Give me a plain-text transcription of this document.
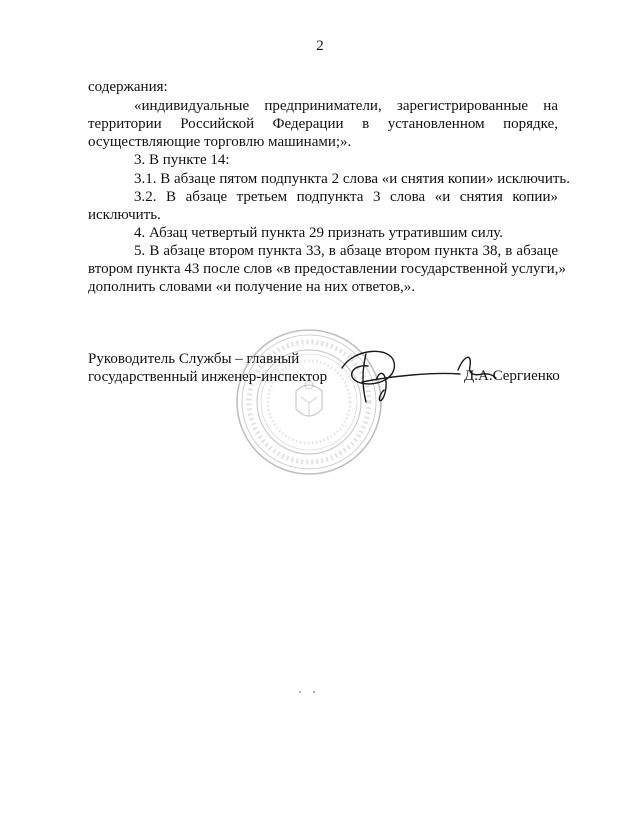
2
содержания:
«индивидуальные предприниматели, зарегистрированные на
территории Российской Федерации в установленном порядке,
осуществляющие торговлю машинами;».
3. В пункте 14:
3.1. В абзаце пятом подпункта 2 слова «и снятия копии» исключить.
3.2. В абзаце третьем подпункта 3 слова «и снятия копии»
исключить.
4. Абзац четвертый пункта 29 признать утратившим силу.
5. В абзаце втором пункта 33, в абзаце втором пункта 38, в абзаце
втором пункта 43 после слов «в предоставлении государственной услуги,»
дополнить словами «и получение на них ответов,».
Руководитель Службы – главный
государственный инженер-инспектор	Д.А.Сергиенко
